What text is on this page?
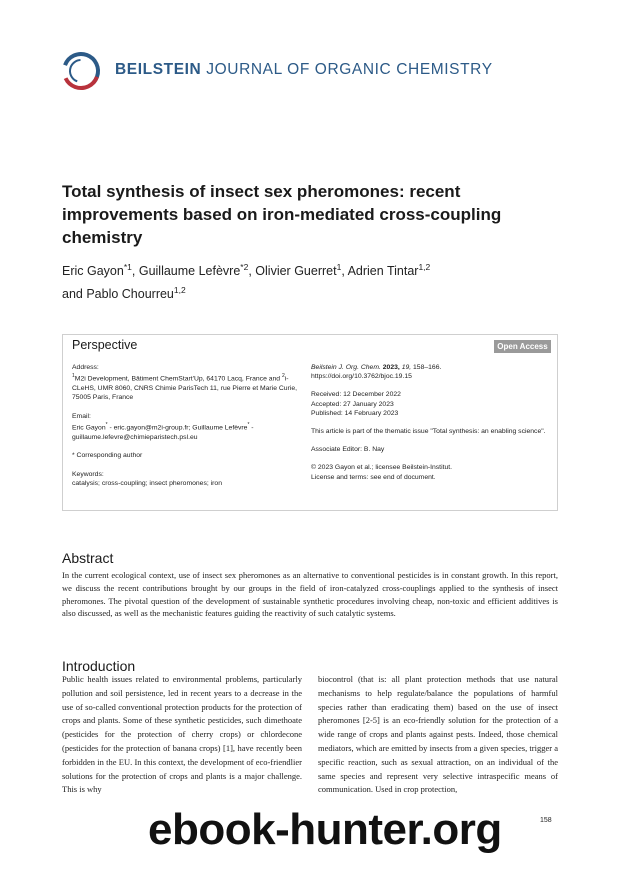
BEILSTEIN JOURNAL OF ORGANIC CHEMISTRY
Total synthesis of insect sex pheromones: recent improvements based on iron-mediated cross-coupling chemistry
Eric Gayon$^{*1}$, Guillaume Lefèvre$^{*2}$, Olivier Guerret$^1$, Adrien Tintar$^{1,2}$
and Pablo Chourreu$^{1,2}$
Perspective	Open Access
Address:
$^1$M2i Development, Bâtiment ChemStart'Up, 64170 Lacq, France and $^2$i-CLeHS, UMR 8060, CNRS Chimie ParisTech 11, rue Pierre et Marie Curie, 75005 Paris, France
Email:
Eric Gayon* - eric.gayon@m2i-group.fr; Guillaume Lefèvre* - guillaume.lefevre@chimieparistech.psl.eu
* Corresponding author
Keywords:
catalysis; cross-coupling; insect pheromones; iron
Beilstein J. Org. Chem. 2023, 19, 158–166.
https://doi.org/10.3762/bjoc.19.15
Received: 12 December 2022
Accepted: 27 January 2023
Published: 14 February 2023
This article is part of the thematic issue "Total synthesis: an enabling science".
Associate Editor: B. Nay
© 2023 Gayon et al.; licensee Beilstein-Institut.
License and terms: see end of document.
Abstract
In the current ecological context, use of insect sex pheromones as an alternative to conventional pesticides is in constant growth. In this report, we discuss the recent contributions brought by our groups in the field of iron-catalyzed cross-couplings applied to the synthesis of insect pheromones. The pivotal question of the development of sustainable synthetic procedures involving cheap, non-toxic and efficient additives is also discussed, as well as the mechanistic features guiding the reactivity of such catalytic systems.
Introduction
Public health issues related to environmental problems, particularly pollution and soil persistence, led in recent years to a decrease in the use of so-called conventional protection products for the protection of crops and plants. Some of these synthetic pesticides, such dimethoate (pesticides for the protection of cherry crops) or chlordecone (pesticides for the protection of banana crops) [1], have recently been forbidden in the EU. In this context, the development of eco-friendlier solutions for the protection of crops and plants is a major challenge. This is why
biocontrol (that is: all plant protection methods that use natural mechanisms to help regulate/balance the populations of harmful species rather than eradicating them) based on the use of insect pheromones [2-5] is an eco-friendly solution for the protection of a wide range of crops and plants against pests. Indeed, those chemical mediators, which are emitted by insects from a given species, trigger a specific reaction, such as sexual attraction, on an individual of the same species and represent very selective intraspecific means of communication. Used in crop protection,
158
ebook-hunter.org
